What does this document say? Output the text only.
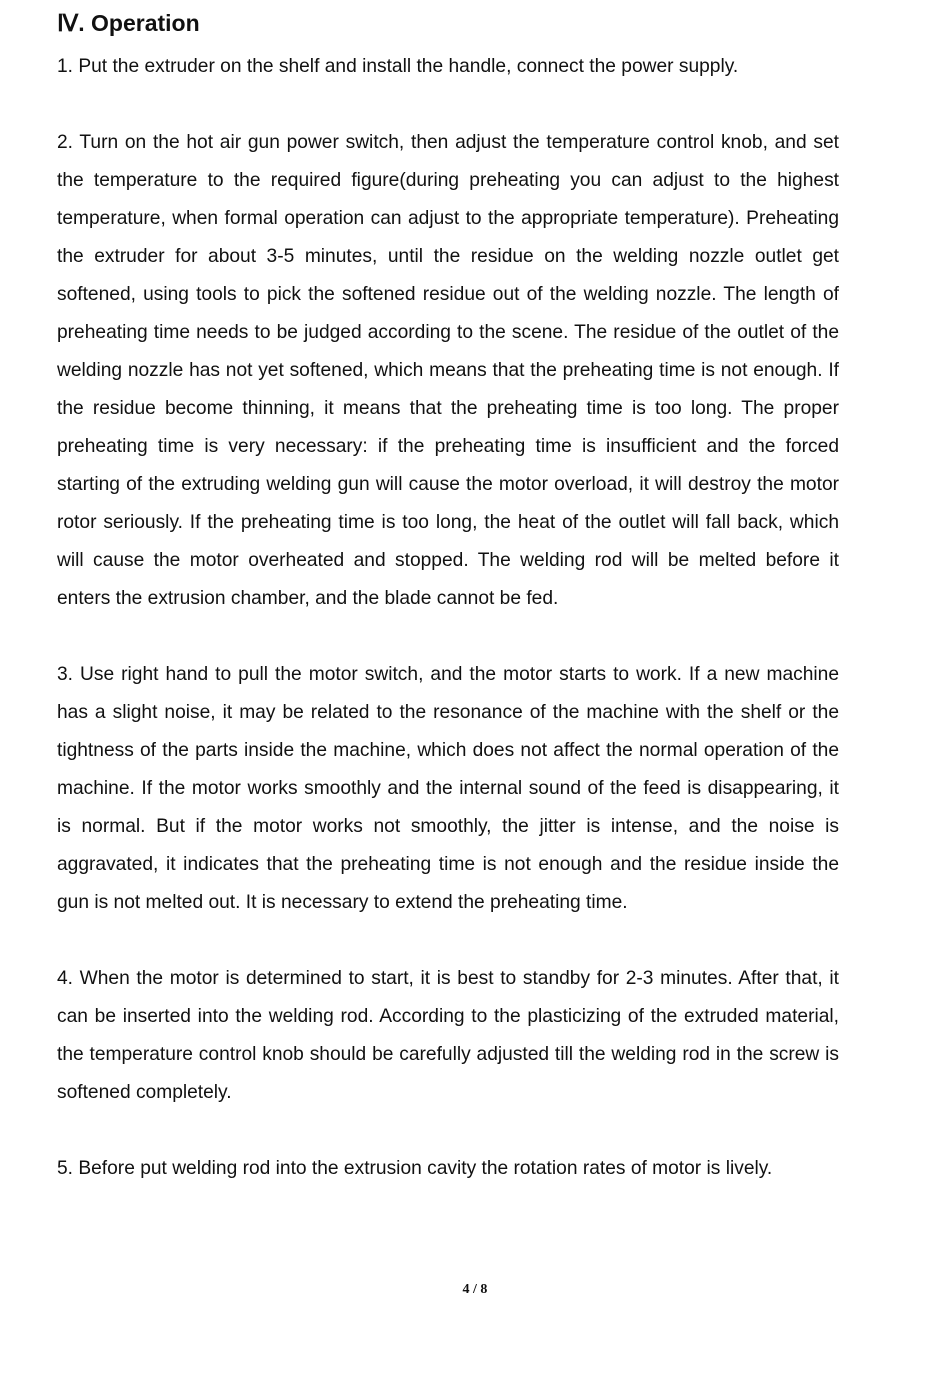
Ⅳ. Operation

1. Put the extruder on the shelf and install the handle, connect the power supply.

2. Turn on the hot air gun power switch, then adjust the temperature control knob, and set the temperature to the required figure(during preheating you can adjust to the highest temperature, when formal operation can adjust to the appropriate temperature). Preheating the extruder for about 3-5 minutes, until the residue on the welding nozzle outlet get softened, using tools to pick the softened residue out of the welding nozzle. The length of preheating time needs to be judged according to the scene. The residue of the outlet of the welding nozzle has not yet softened, which means that the preheating time is not enough. If the residue become thinning, it means that the preheating time is too long. The proper preheating time is very necessary: if the preheating time is insufficient and the forced starting of the extruding welding gun will cause the motor overload, it will destroy the motor rotor seriously. If the preheating time is too long, the heat of the outlet will fall back, which will cause the motor overheated and stopped. The welding rod will be melted before it enters the extrusion chamber, and the blade cannot be fed.

3. Use right hand to pull the motor switch, and the motor starts to work. If a new machine has a slight noise, it may be related to the resonance of the machine with the shelf or the tightness of the parts inside the machine, which does not affect the normal operation of the machine. If the motor works smoothly and the internal sound of the feed is disappearing, it is normal. But if the motor works not smoothly, the jitter is intense, and the noise is aggravated, it indicates that the preheating time is not enough and the residue inside the gun is not melted out. It is necessary to extend the preheating time.

4. When the motor is determined to start, it is best to standby for 2-3 minutes. After that, it can be inserted into the welding rod. According to the plasticizing of the extruded material, the temperature control knob should be carefully adjusted till the welding rod in the screw is softened completely.

5. Before put welding rod into the extrusion cavity the rotation rates of motor is lively.

4 / 8
